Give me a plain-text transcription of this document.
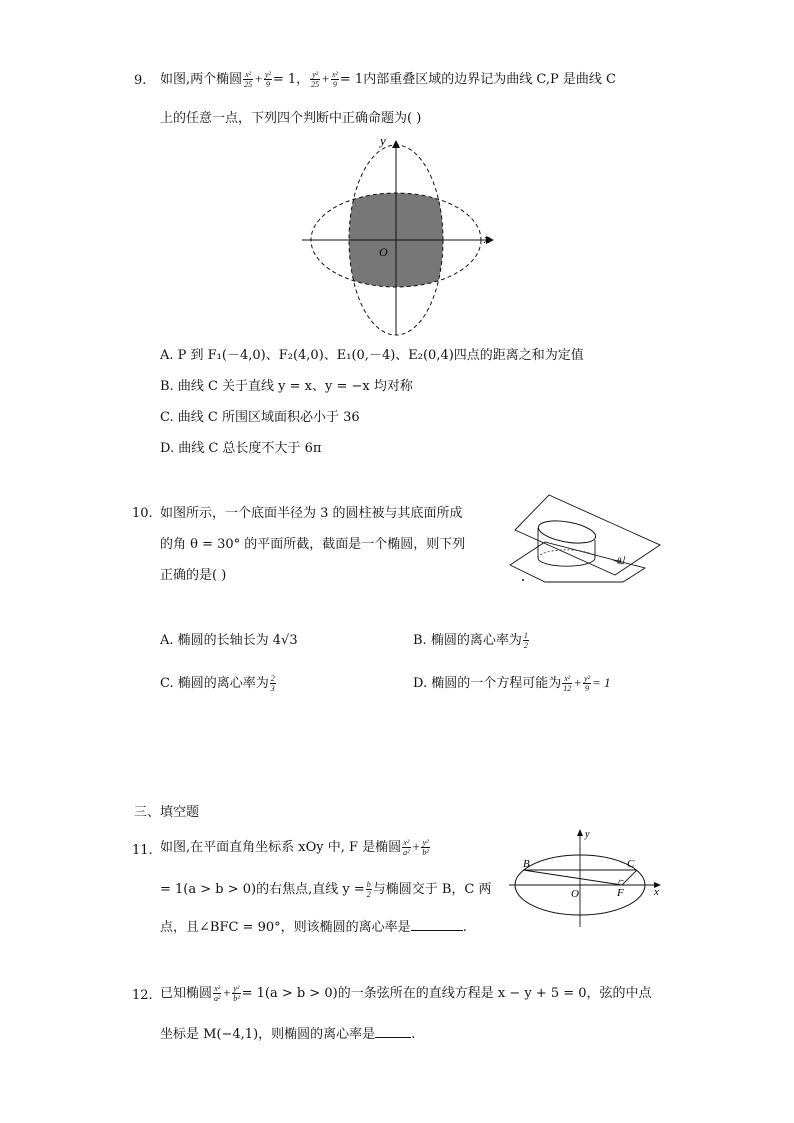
9. 如图,两个椭圆 $\frac{\text{x²}}{25} + \frac{\text{y²}}{9} = 1$， $\frac{\text{y²}}{25} + \frac{\text{x²}}{9} = 1$内部重叠区域的边界记为曲线 C,P 是曲线 C
上的任意一点，下列四个判断中正确命题为( )
y
x
O
A. P 到 F₁(－4,0)、F₂(4,0)、E₁(0,－4)、E₂(0,4)四点的距离之和为定值
B. 曲线 C 关于直线 y = x、y = −x 均对称
C. 曲线 C 所围区域面积必小于 36
D. 曲线 C 总长度不大于 6π
10. 如图所示，一个底面半径为 3 的圆柱被与其底面所成
的角 θ = 30° 的平面所截，截面是一个椭圆，则下列
正确的是( )
θ
A. 椭圆的长轴长为 4√3	B. 椭圆的离心率为 $\frac{1}{2}$
C. 椭圆的离心率为 $\frac{2}{3}$	D. 椭圆的一个方程可能为 $\frac{\text{x²}}{12} + \frac{\text{y²}}{9} = 1$
三、填空题
11. 如图,在平面直角坐标系 xOy 中, F 是椭圆 $\frac{\text{x²}}{\text{a²}} + \frac{\text{y²}}{\text{b²}}$
= 1(a > b > 0)的右焦点,直线 $y = \frac{b}{2}$ 与椭圆交于 B，C 两
点，且∠BFC = 90°，则该椭圆的离心率是	.
y
x
O
B	C
F
12. 已知椭圆 $\frac{\text{x²}}{\text{a²}} + \frac{\text{y²}}{\text{b²}} = 1(a > b > 0)$的一条弦所在的直线方程是 x − y + 5 = 0，弦的中点
坐标是 M(−4,1)，则椭圆的离心率是	.
